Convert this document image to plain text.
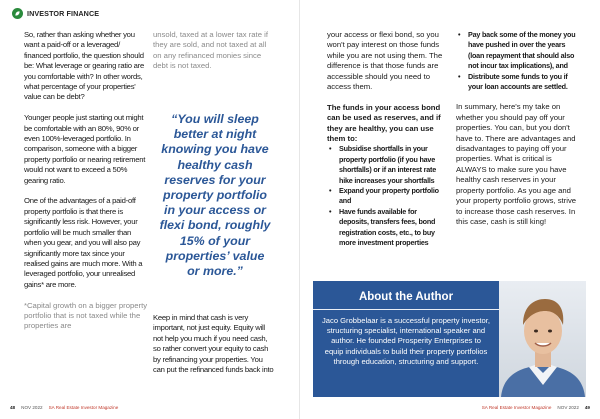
INVESTOR FINANCE

So, rather than asking whether you want a paid-off or a leveraged/ financed portfolio, the question should be: What leverage or gearing ratio are you comfortable with? In other words, what percentage of your properties' value can be debt?

Younger people just starting out might be comfortable with an 80%, 90% or even 100%-leveraged portfolio. In comparison, someone with a bigger property portfolio or nearing retirement would not want to exceed a 50% gearing ratio.

One of the advantages of a paid-off property portfolio is that there is significantly less risk. However, your portfolio will be much smaller than when you gear, and you will also pay significantly more tax since your realised gains are much more. With a leveraged portfolio, your unrealised gains* are more.

*Capital growth on a bigger property portfolio that is not taxed while the properties are

unsold, taxed at a lower tax rate if they are sold, and not taxed at all on any refinanced monies since debt is not taxed.

“You will sleep better at night knowing you have healthy cash reserves for your property portfolio in your access or flexi bond, roughly 15% of your properties’ value or more.”

Keep in mind that cash is very important, not just equity. Equity will not help you much if you need cash, so rather convert your equity to cash by refinancing your properties. You can put the refinanced funds back into

48 NOV 2022 SA Real Estate Investor Magazine

your access or flexi bond, so you won't pay interest on those funds while you are not using them. The difference is that those funds are accessible should you need to access them.

The funds in your access bond can be used as reserves, and if they are healthy, you can use them to:

• Subsidise shortfalls in your property portfolio (if you have shortfalls) or if an interest rate hike increases your shortfalls
• Expand your property portfolio and
• Have funds available for deposits, transfers fees, bond registration costs, etc., to buy more investment properties
• Pay back some of the money you have pushed in over the years (loan repayment that should also not incur tax implications), and
• Distribute some funds to you if your loan accounts are settled.

In summary, here's my take on whether you should pay off your properties. You can, but you don't have to. There are advantages and disadvantages to paying off your properties. What is critical is ALWAYS to make sure you have healthy cash reserves in your property portfolio. As you age and your property portfolio grows, strive to increase those cash reserves. In this case, cash is still king!

About the Author
Jaco Grobbelaar is a successful property investor, structuring specialist, international speaker and author. He founded Prosperity Enterprises to equip individuals to build their property portfolios through education, structuring and support.
SA Real Estate Investor Magazine NOV 2022 49
